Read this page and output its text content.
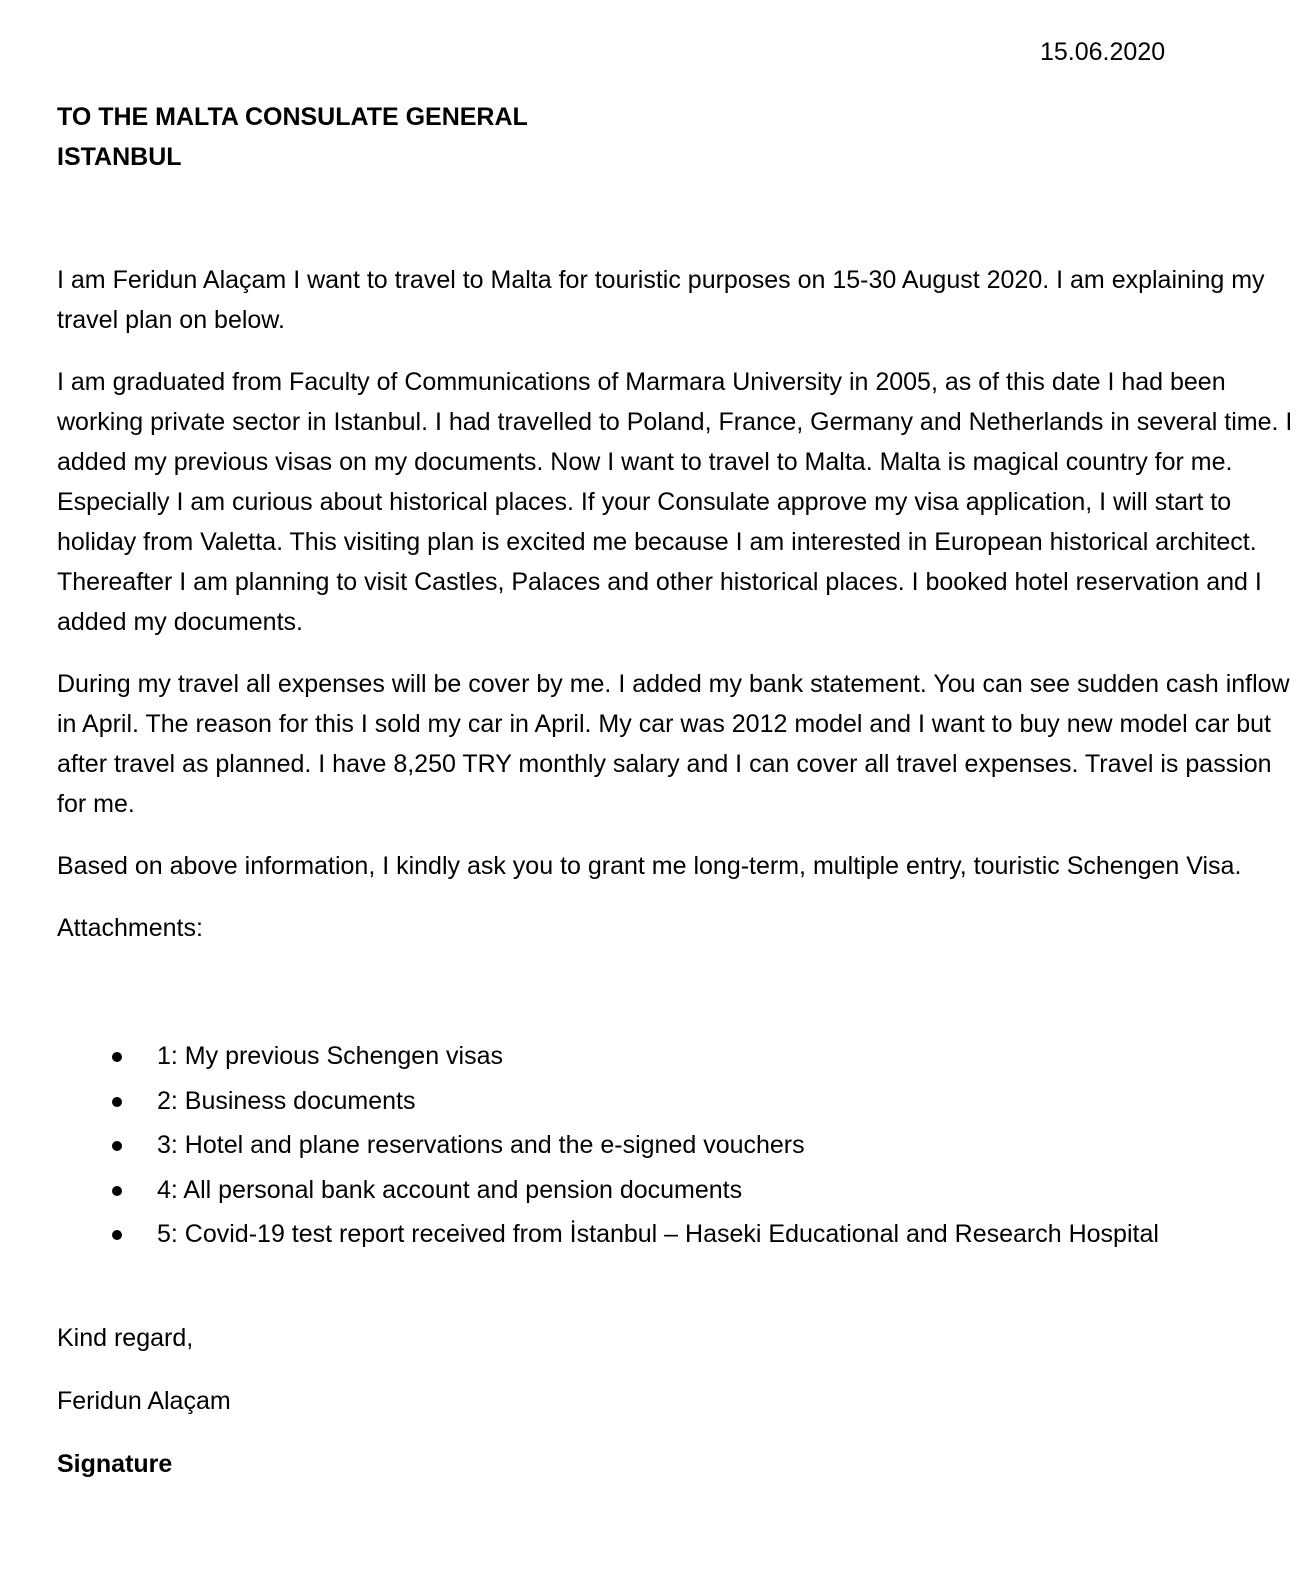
15.06.2020
TO THE MALTA CONSULATE GENERAL
ISTANBUL

I am Feridun Alaçam I want to travel to Malta for touristic purposes on 15-30 August 2020. I am explaining my travel plan on below.

I am graduated from Faculty of Communications of Marmara University in 2005, as of this date I had been working private sector in Istanbul. I had travelled to Poland, France, Germany and Netherlands in several time. I added my previous visas on my documents. Now I want to travel to Malta. Malta is magical country for me. Especially I am curious about historical places. If your Consulate approve my visa application, I will start to holiday from Valetta. This visiting plan is excited me because I am interested in European historical architect. Thereafter I am planning to visit Castles, Palaces and other historical places. I booked hotel reservation and I added my documents.

During my travel all expenses will be cover by me. I added my bank statement. You can see sudden cash inflow in April. The reason for this I sold my car in April. My car was 2012 model and I want to buy new model car but after travel as planned. I have 8,250 TRY monthly salary and I can cover all travel expenses. Travel is passion for me.

Based on above information, I kindly ask you to grant me long-term, multiple entry, touristic Schengen Visa.

Attachments:

1: My previous Schengen visas
2: Business documents
3: Hotel and plane reservations and the e-signed vouchers
4: All personal bank account and pension documents
5: Covid-19 test report received from İstanbul – Haseki Educational and Research Hospital
Kind regard,
Feridun Alaçam
Signature
